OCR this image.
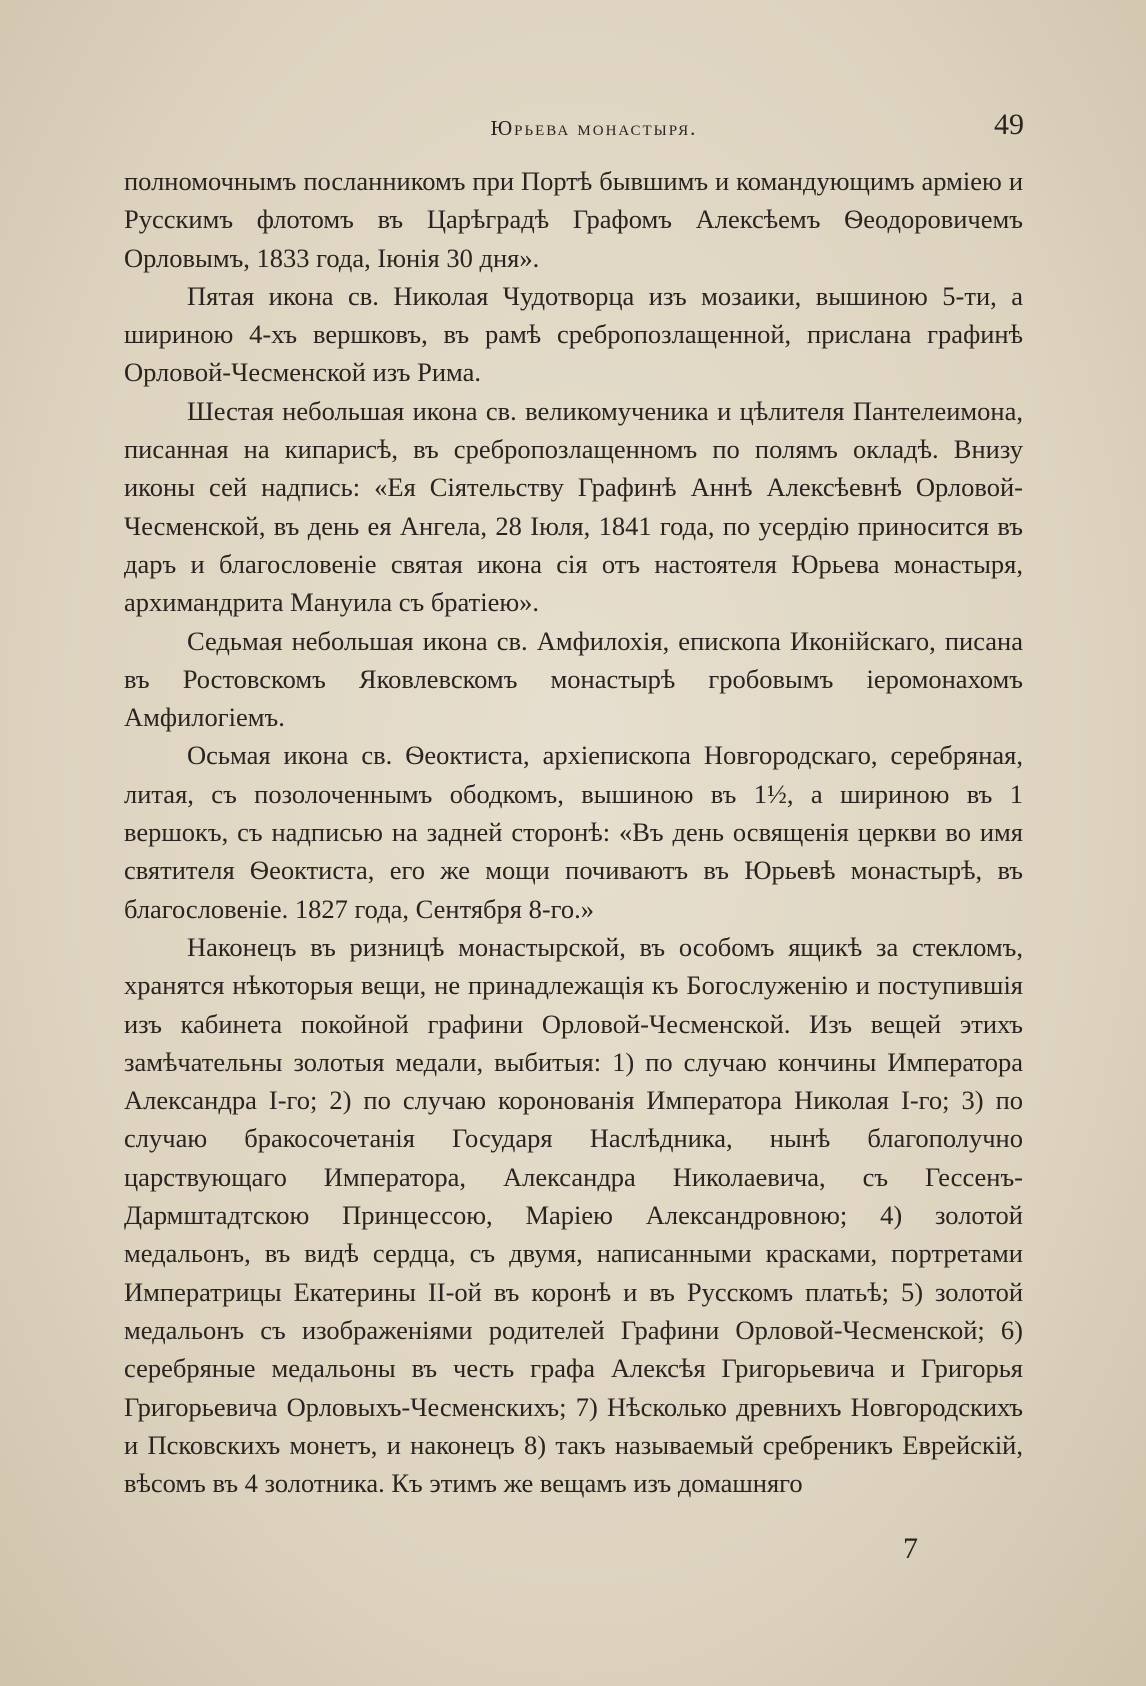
Юрьева монастыря.	49

полномочнымъ посланникомъ при Портѣ бывшимъ и командующимъ арміею и Русскимъ флотомъ въ Царѣградѣ Графомъ Алексѣемъ Ѳеодоровичемъ Орловымъ, 1833 года, Іюнія 30 дня».

Пятая икона св. Николая Чудотворца изъ мозаики, вышиною 5-ти, а шириною 4-хъ вершковъ, въ рамѣ сребропозлащенной, прислана графинѣ Орловой-Чесменской изъ Рима.

Шестая небольшая икона св. великомученика и цѣлителя Пантелеимона, писанная на кипарисѣ, въ сребропозлащенномъ по полямъ окладѣ. Внизу иконы сей надпись: «Ея Сіятельству Графинѣ Аннѣ Алексѣевнѣ Орловой-Чесменской, въ день ея Ангела, 28 Іюля, 1841 года, по усердію приносится въ даръ и благословеніе святая икона сія отъ настоятеля Юрьева монастыря, архимандрита Мануила съ братіею».

Седьмая небольшая икона св. Амфилохія, епископа Иконійскаго, писана въ Ростовскомъ Яковлевскомъ монастырѣ гробовымъ іеромонахомъ Амфилогіемъ.

Осьмая икона св. Ѳеоктиста, архіепископа Новгородскаго, серебряная, литая, съ позолоченнымъ ободкомъ, вышиною въ 1½, а шириною въ 1 вершокъ, съ надписью на задней сторонѣ: «Въ день освященія церкви во имя святителя Ѳеоктиста, его же мощи почиваютъ въ Юрьевѣ монастырѣ, въ благословеніе. 1827 года, Сентября 8-го.»

Наконецъ въ ризницѣ монастырской, въ особомъ ящикѣ за стекломъ, хранятся нѣкоторыя вещи, не принадлежащія къ Богослуженію и поступившія изъ кабинета покойной графини Орловой-Чесменской. Изъ вещей этихъ замѣчательны золотыя медали, выбитыя: 1) по случаю кончины Императора Александра I-го; 2) по случаю коронованія Императора Николая I-го; 3) по случаю бракосочетанія Государя Наслѣдника, нынѣ благополучно царствующаго Императора, Александра Николаевича, съ Гессенъ-Дармштадтскою Принцессою, Маріею Александровною; 4) золотой медальонъ, въ видѣ сердца, съ двумя, написанными красками, портретами Императрицы Екатерины II-ой въ коронѣ и въ Русскомъ платьѣ; 5) золотой медальонъ съ изображеніями родителей Графини Орловой-Чесменской; 6) серебряные медальоны въ честь графа Алексѣя Григорьевича и Григорья Григорьевича Орловыхъ-Чесменскихъ; 7) Нѣсколько древнихъ Новгородскихъ и Псковскихъ монетъ, и наконецъ 8) такъ называемый сребреникъ Еврейскій, вѣсомъ въ 4 золотника. Къ этимъ же вещамъ изъ домашняго

7
